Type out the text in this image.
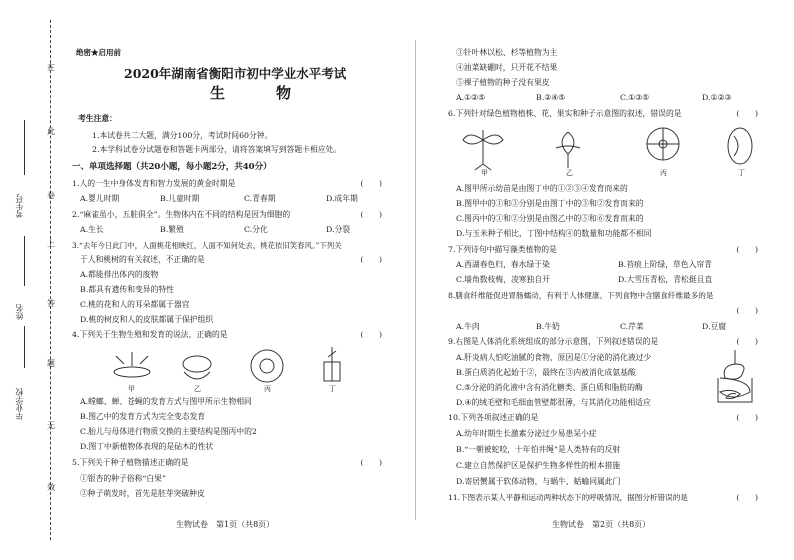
在
此
卷
上
答
题
无
效
考生号
姓名
毕业学校
绝密★启用前
2020年湖南省衡阳市初中学业水平考试
生　物
考生注意：
1.本试卷共二大题，满分100分，考试时间60分钟。
2.本学科试卷分试题卷和答题卡两部分，请将答案填写到答题卡相应处。
一、单项选择题（共20小题，每小题2分，共40分）
1.人的一生中身体发育和智力发展的黄金时期是	(　　)
A.婴儿时期	B.儿童时期	C.青春期	D.成年期
2.“麻雀虽小，五脏俱全”。生物体内在不同的结构是因为细胞的	(　　)
A.生长	B.繁殖	C.分化	D.分裂
3.“去年今日此门中，人面桃花相映红，人面不知何处去，桃花依旧笑春风。”下列关
于人和桃树的有关叙述，不正确的是	(　　)
A.都能排出体内的废物
B.都具有遗传和变异的特性
C.桃的花和人的耳朵都属于器官
D.桃的树皮和人的皮肤都属于保护组织
4.下列关于生物生殖和发育的说法，正确的是	(　　)
甲	乙	丙	丁
A.螳螂、蝉、苍蝇的发育方式与图甲所示生物相同
B.图乙中的发育方式为完全变态发育
C.胎儿与母体进行物质交换的主要结构是图丙中的2
D.图丁中新植物体表现的是砧木的性状
5.下列关于种子植物描述正确的是	(　　)
①银杏的种子俗称“白果”
②种子萌发时，首先是胚芽突破种皮
生物试卷　第1页（共8页）
③针叶林以松、杉等植物为主
④油菜缺硼时，只开花不结果
⑤裸子植物的种子没有果皮
A.①②⑤	B.②④⑤	C.①③⑤	D.①②③
6.下列针对绿色植物植株、花、果实和种子示意图的叙述，错误的是	(　　)
甲	乙	丙	丁
A.图甲所示幼苗是由图丁中的①②③④发育而来的
B.图甲中的①和③分别是由图丁中的③和②发育而来的
C.图丙中的①和②分别是由图乙中的⑤和⑥发育而来的
D.与玉米种子相比，丁图中结构④的数量和功能都不相同
7.下列诗句中描写藻类植物的是	(　　)
A.西湖春色归，春水绿于染	B.苔痕上阶绿，草色入帘青
C.墙角数枝梅，凌寒独自开	D.大雪压青松，青松挺且直
8.膳食纤维能促进胃肠蠕动，有利于人体健康。下列食物中含膳食纤维最多的是
(　　)
A.牛肉	B.牛奶	C.芹菜	D.豆腐
9.右图是人体消化系统组成的部分示意图，下列叙述错误的是	(　　)
A.肝炎病人怕吃油腻的食物，原因是①分泌的消化液过少
B.蛋白质消化起始于②，最终在③内被消化成氨基酸
C.⑤分泌的消化液中含有消化糖类、蛋白质和脂肪的酶
D.④的绒毛壁和毛细血管壁都很薄，与其消化功能相适应
10.下列各项叙述正确的是	(　　)
A.幼年时期生长激素分泌过少易患呆小症
B.“一朝被蛇咬，十年怕井绳”是人类特有的反射
C.建立自然保护区是保护生物多样性的根本措施
D.寄居蟹属于软体动物，与蜗牛、蛞蝓同属此门
11.下图表示某人平静和运动两种状态下的呼吸情况，据图分析错误的是	(　　)
生物试卷　第2页（共8页）
